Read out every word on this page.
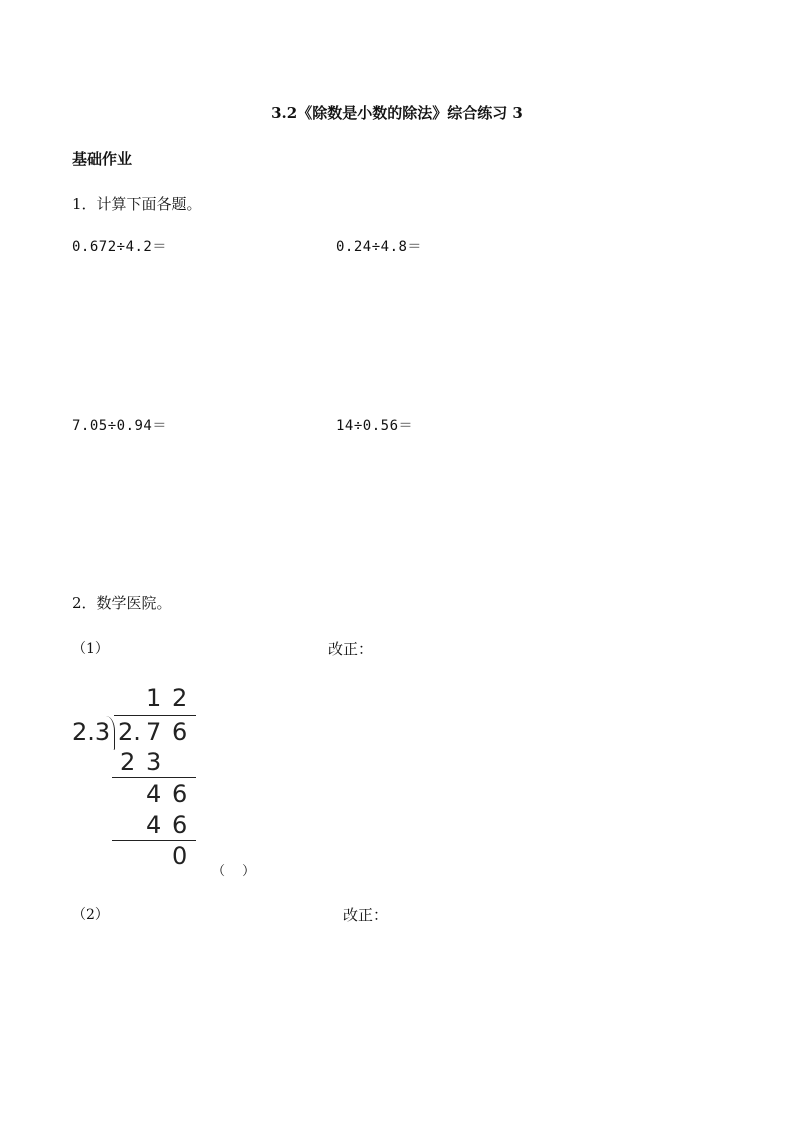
3.2《除数是小数的除法》综合练习 3
基础作业
1．计算下面各题。
0.672÷4.2＝	0.24÷4.8＝
7.05÷0.94＝	14÷0.56＝
2．数学医院。
（1）	改正：
1 2
2.3 2. 7 6
2 3
4 6
4 6
0
（　 ）
（2）	改正：
